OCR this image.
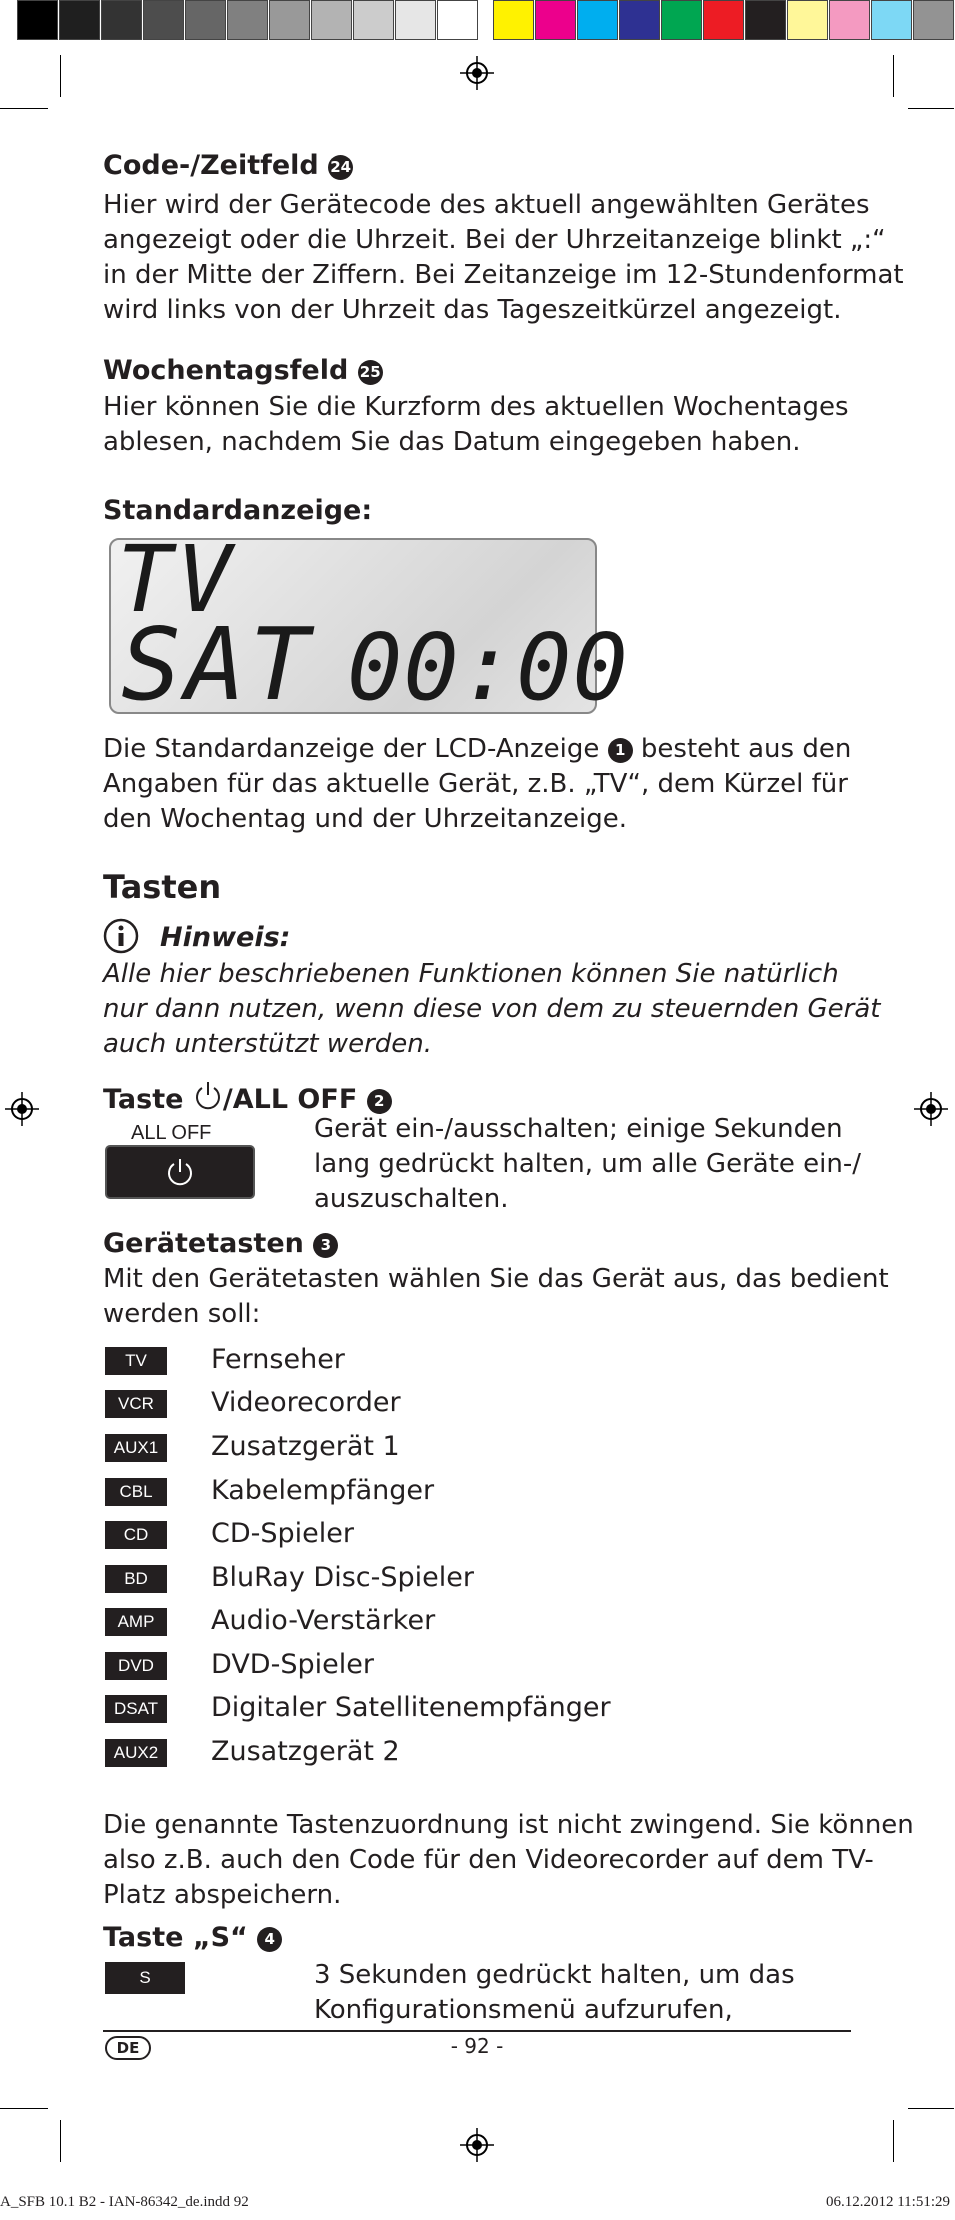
Code-/Zeitfeld 24
Hier wird der Gerätecode des aktuell angewählten Gerätes
angezeigt oder die Uhrzeit. Bei der Uhrzeitanzeige blinkt „:“
in der Mitte der Ziffern. Bei Zeitanzeige im 12-Stundenformat
wird links von der Uhrzeit das Tageszeitkürzel angezeigt.
Wochentagsfeld 25
Hier können Sie die Kurzform des aktuellen Wochentages
ablesen, nachdem Sie das Datum eingegeben haben.
Standardanzeige:
TV
SAT 00:00
Die Standardanzeige der LCD-Anzeige 1 besteht aus den
Angaben für das aktuelle Gerät, z.B. „TV“, dem Kürzel für
den Wochentag und der Uhrzeitanzeige.
Tasten
Hinweis:
Alle hier beschriebenen Funktionen können Sie natürlich
nur dann nutzen, wenn diese von dem zu steuernden Gerät
auch unterstützt werden.
Taste /ALL OFF 2
ALL OFF	Gerät ein-/ausschalten; einige Sekunden
lang gedrückt halten, um alle Geräte ein-/
auszuschalten.
Gerätetasten 3
Mit den Gerätetasten wählen Sie das Gerät aus, das bedient
werden soll:
TV	Fernseher
VCR	Videorecorder
AUX1	Zusatzgerät 1
CBL	Kabelempfänger
CD	CD-Spieler
BD	BluRay Disc-Spieler
AMP	Audio-Verstärker
DVD	DVD-Spieler
DSAT	Digitaler Satellitenempfänger
AUX2	Zusatzgerät 2
Die genannte Tastenzuordnung ist nicht zwingend. Sie können
also z.B. auch den Code für den Videorecorder auf dem TV-
Platz abspeichern.
Taste „S“ 4
S	3 Sekunden gedrückt halten, um das
Konfigurationsmenü aufzurufen,
DE	- 92 -
A_SFB 10.1 B2 - IAN-86342_de.indd 92	06.12.2012 11:51:29
